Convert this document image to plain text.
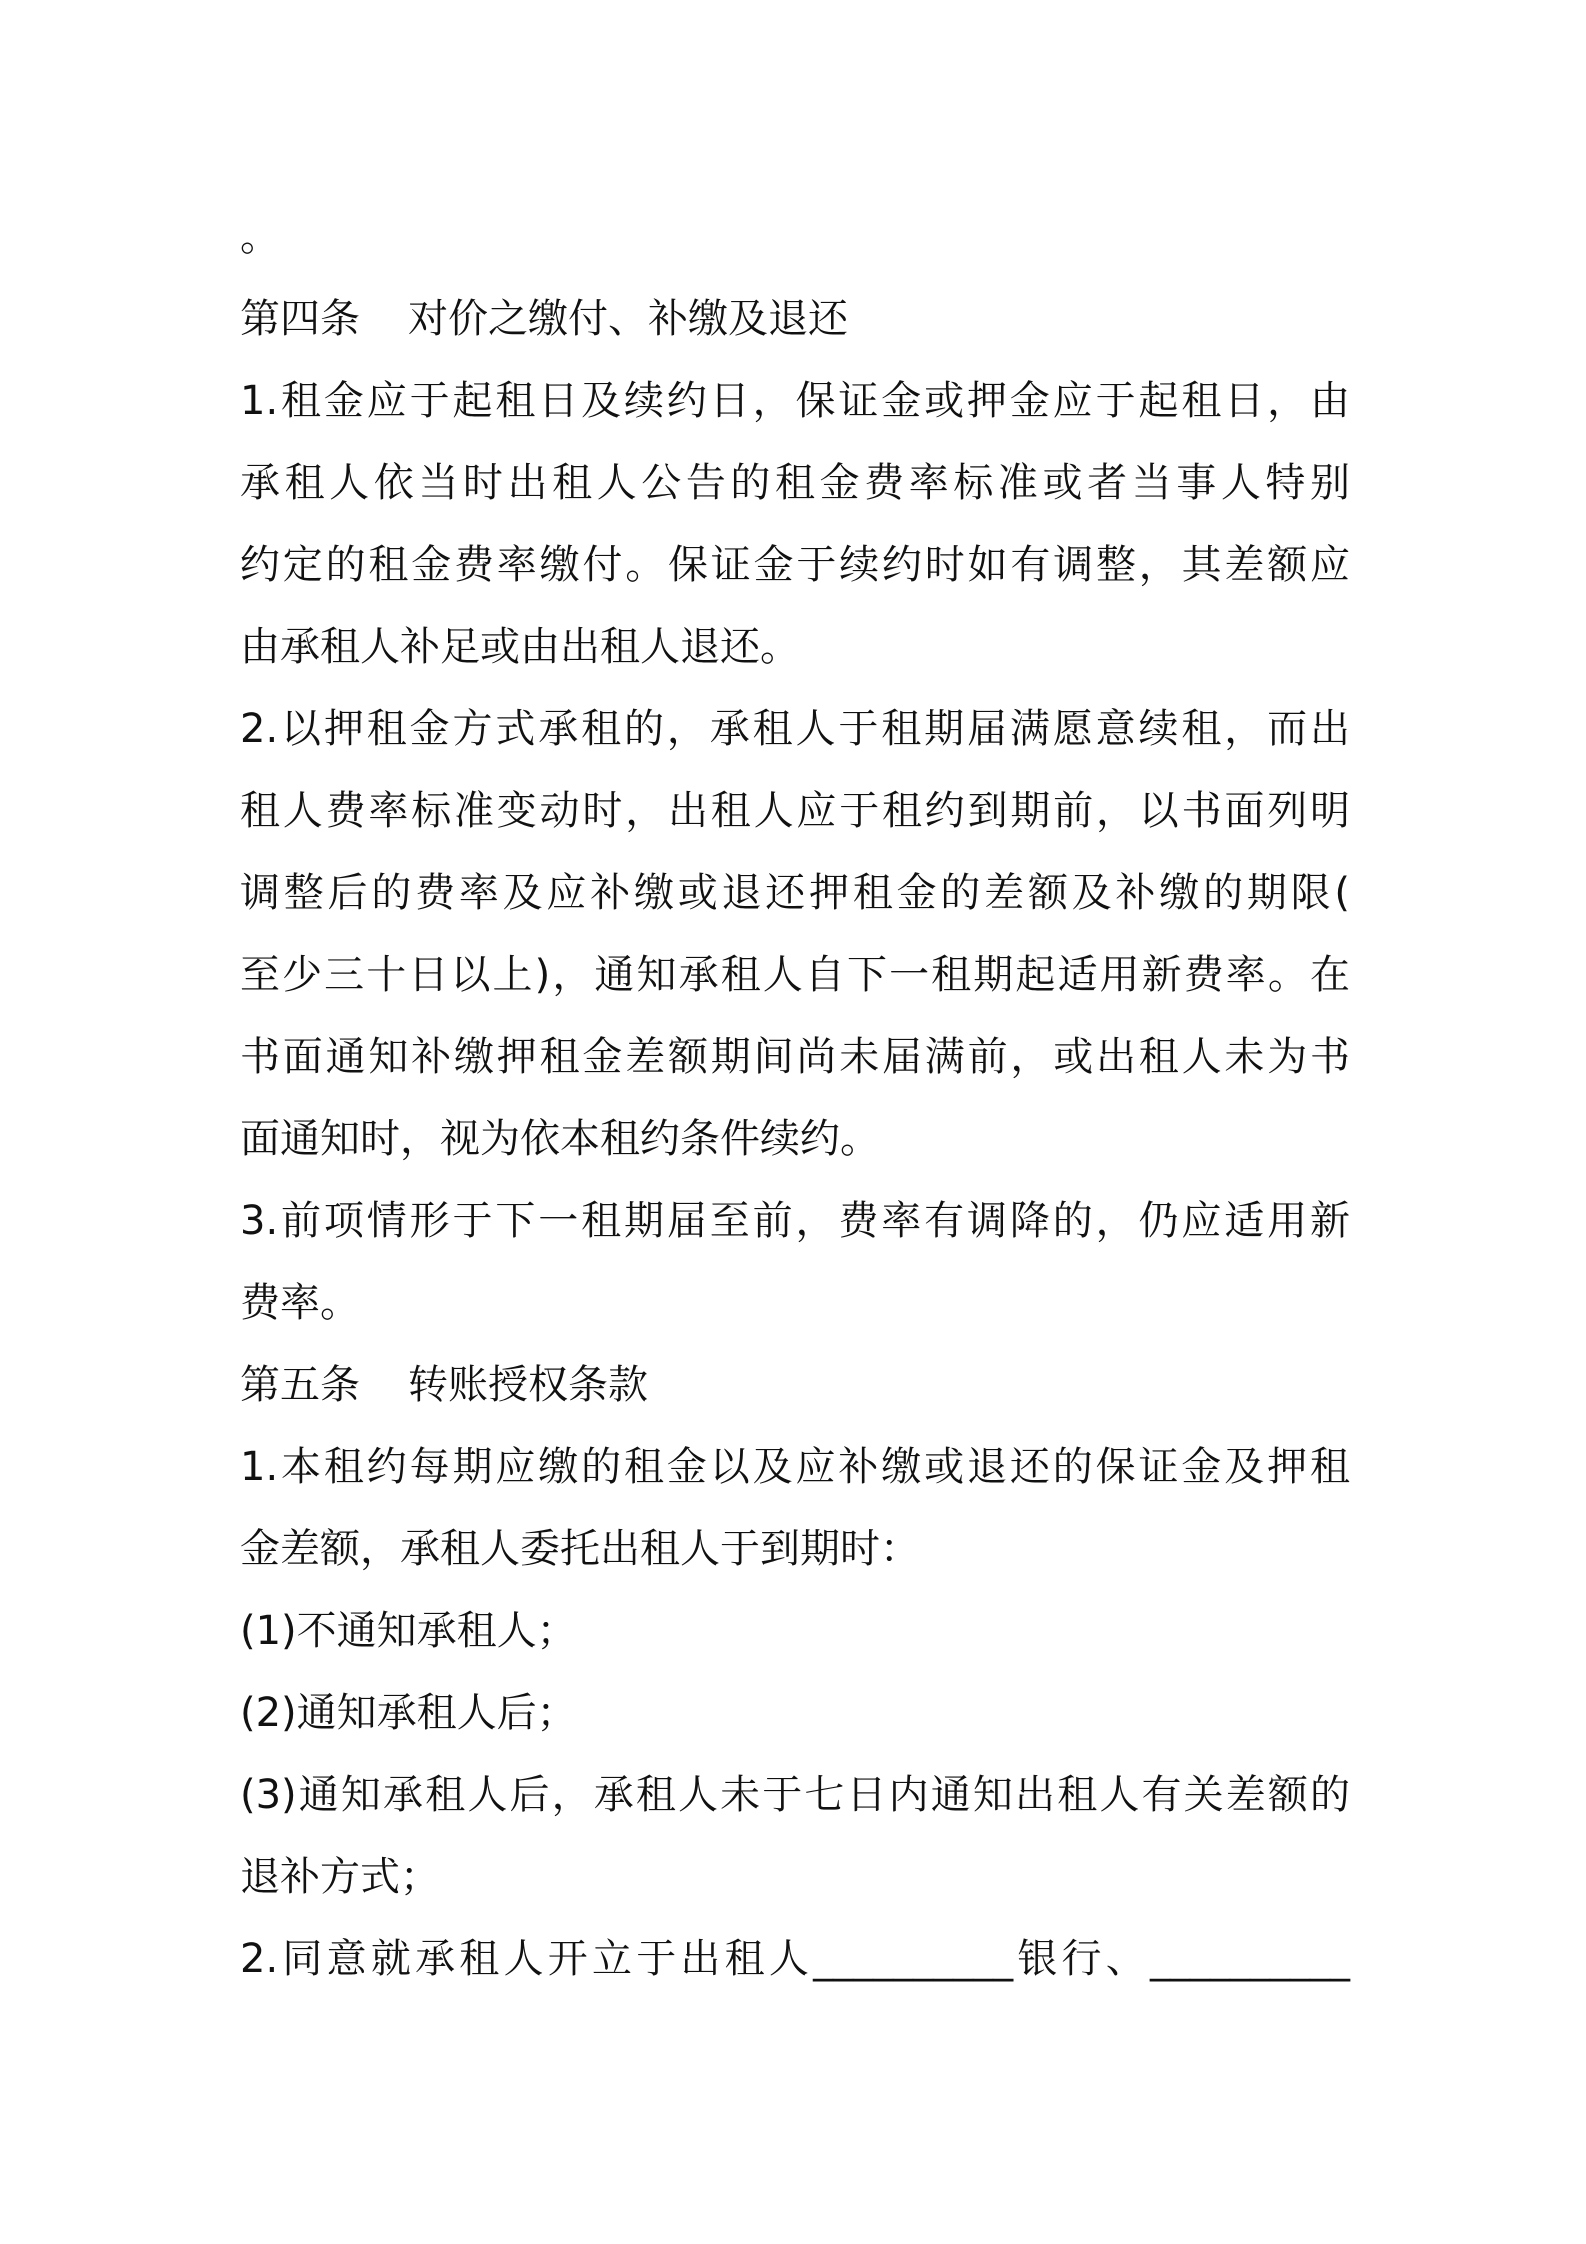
。
第四条 对价之缴付、补缴及退还
1.租金应于起租日及续约日，保证金或押金应于起租日，由
承租人依当时出租人公告的租金费率标准或者当事人特别
约定的租金费率缴付。保证金于续约时如有调整，其差额应
由承租人补足或由出租人退还。
2.以押租金方式承租的，承租人于租期届满愿意续租，而出
租人费率标准变动时，出租人应于租约到期前，以书面列明
调整后的费率及应补缴或退还押租金的差额及补缴的期限(
至少三十日以上)，通知承租人自下一租期起适用新费率。在
书面通知补缴押租金差额期间尚未届满前，或出租人未为书
面通知时，视为依本租约条件续约。
3.前项情形于下一租期届至前，费率有调降的，仍应适用新
费率。
第五条 转账授权条款
1.本租约每期应缴的租金以及应补缴或退还的保证金及押租
金差额，承租人委托出租人于到期时：
(1)不通知承租人；
(2)通知承租人后；
(3)通知承租人后，承租人未于七日内通知出租人有关差额的
退补方式；
2.同意就承租人开立于出租人__________银行、__________
